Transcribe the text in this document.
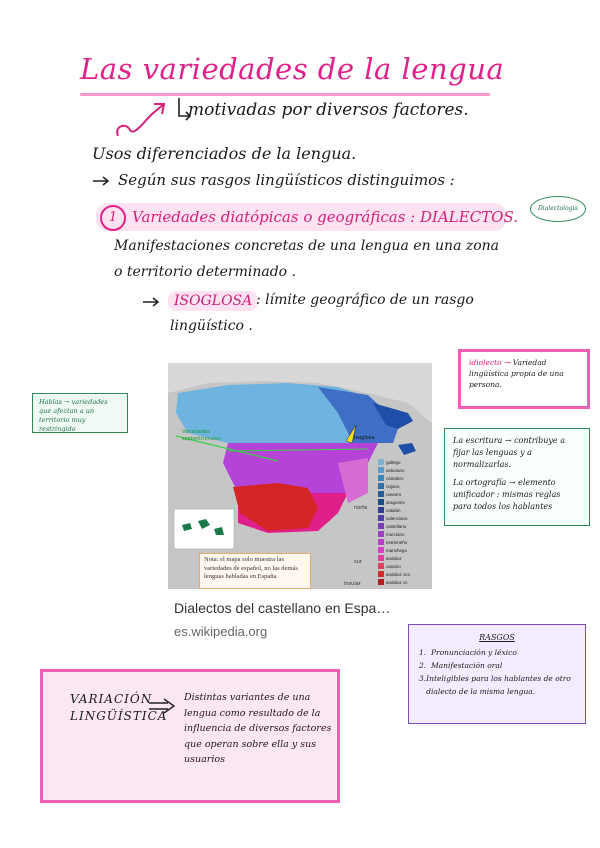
Las variedades de la lengua
motivadas por diversos factores.
Usos diferenciados de la lengua.
Según sus rasgos lingüísticos distinguimos :
1 Variedades diatópicas o geográficas : DIALECTOS.	Dialectología
Manifestaciones concretas de una lengua en una zona
o territorio determinado .
ISOGLOSA : límite geográfico de un rasgo
lingüístico .
Variedades
septentrionales	Isoglosa
norte
sur
insular
gallego
asturiano
cántabro
riojano
navarro
aragonés
catalán
valenciano
castellano
murciano
extremeño
manchego
andaluz
canario
andaluz occ.
andaluz or.
Nota: el mapa solo muestra las variedades de español, no las demás lenguas habladas en España.
Dialectos del castellano en Espa…
es.wikipedia.org
Hablas → variedades que afectan a un territorio muy restringido
idiolecto → Variedad lingüística propia de una persona.
La escritura → contribuye a fijar las lenguas y a normalizarlas.
La ortografía → elemento unificador : mismas reglas para todos los hablantes
RASGOS
1. Pronunciación y léxico
2. Manifestación oral
3. Inteligibles para los hablantes de otro dialecto de la misma lengua.
VARIACIÓN
LINGÜÍSTICA
Distintas variantes de una lengua como resultado de la influencia de diversos factores que operan sobre ella y sus usuarios
